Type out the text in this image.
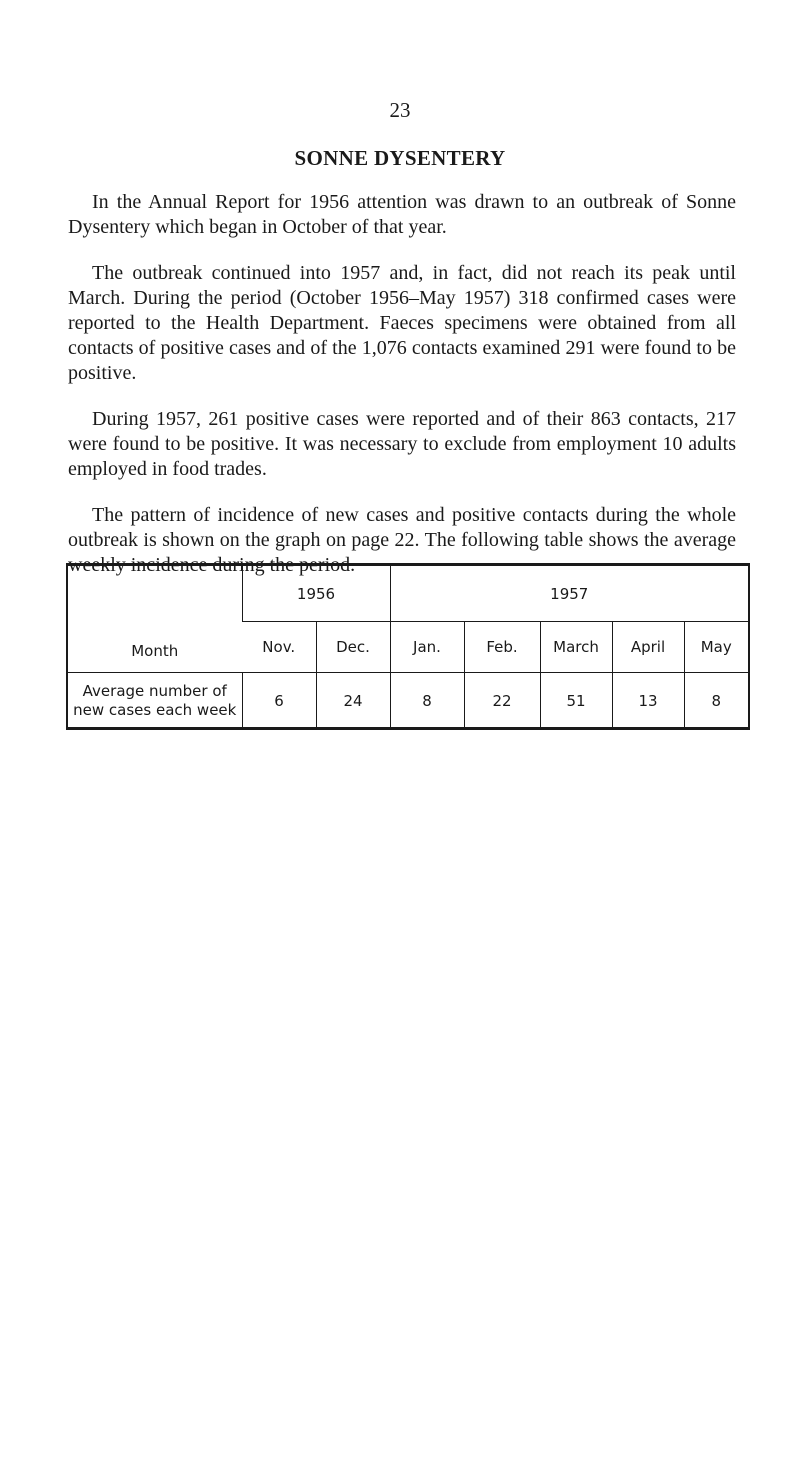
23
SONNE DYSENTERY

In the Annual Report for 1956 attention was drawn to an outbreak of Sonne Dysentery which began in October of that year.

The outbreak continued into 1957 and, in fact, did not reach its peak until March. During the period (October 1956–May 1957) 318 confirmed cases were reported to the Health Department. Faeces specimens were obtained from all contacts of positive cases and of the 1,076 contacts examined 291 were found to be positive.

During 1957, 261 positive cases were reported and of their 863 contacts, 217 were found to be positive. It was necessary to exclude from employment 10 adults employed in food trades.

The pattern of incidence of new cases and positive contacts during the whole outbreak is shown on the graph on page 22. The following table shows the average weekly incidence during the period.

Month	1956		1957				
	Nov.	Dec.	Jan.	Feb.	March	April	May
Average number of
new cases each week	6	24	8	22	51	13	8
